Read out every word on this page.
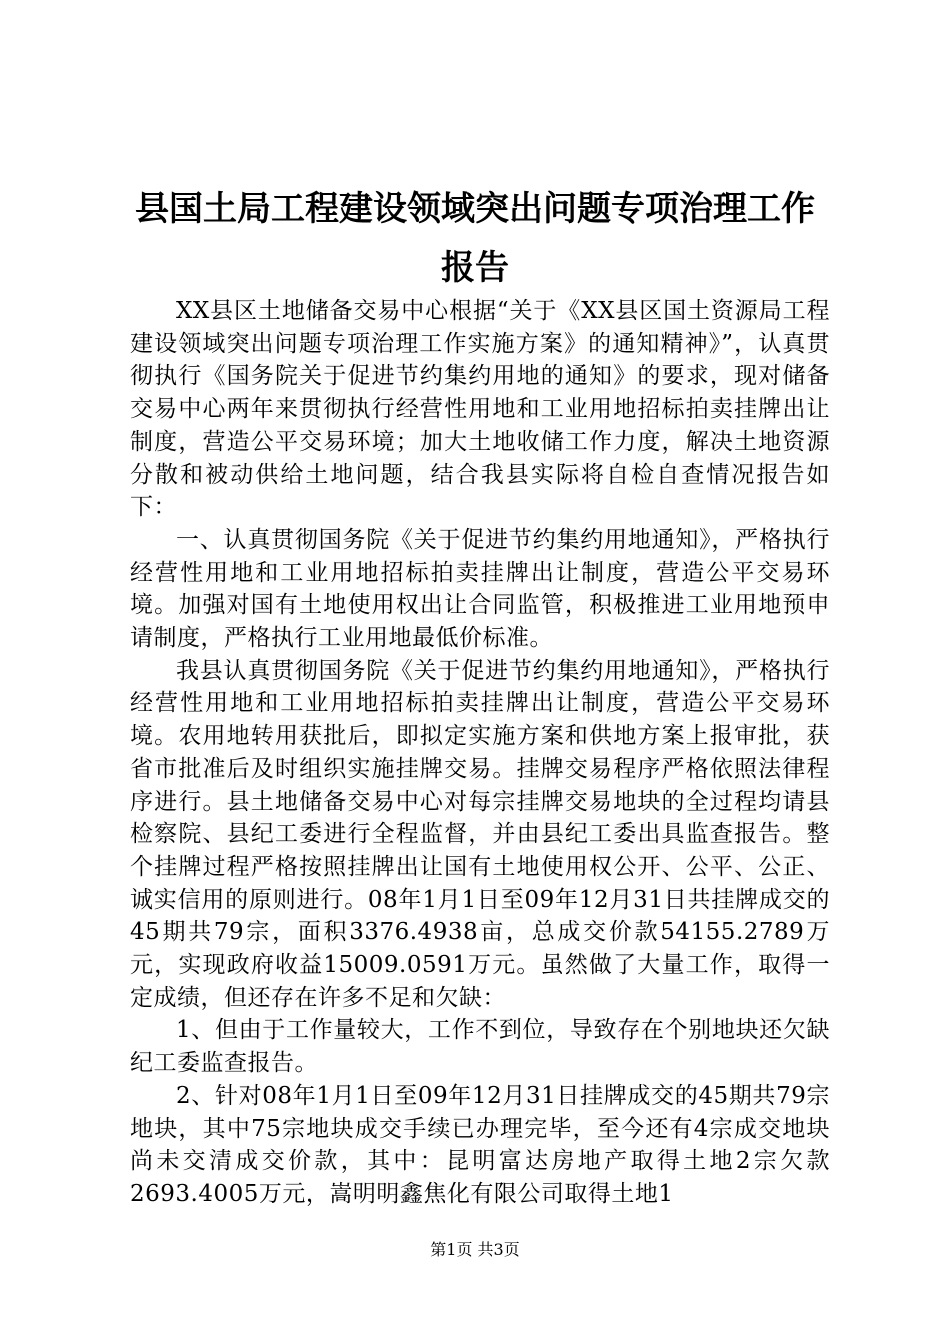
县国土局工程建设领域突出问题专项治理工作
报告

XX县区土地储备交易中心根据“关于《XX县区国土资源局工程建设领域突出问题专项治理工作实施方案》的通知精神》”，认真贯彻执行《国务院关于促进节约集约用地的通知》的要求，现对储备交易中心两年来贯彻执行经营性用地和工业用地招标拍卖挂牌出让制度，营造公平交易环境；加大土地收储工作力度，解决土地资源分散和被动供给土地问题，结合我县实际将自检自查情况报告如下：

一、认真贯彻国务院《关于促进节约集约用地通知》，严格执行经营性用地和工业用地招标拍卖挂牌出让制度，营造公平交易环境。加强对国有土地使用权出让合同监管，积极推进工业用地预申请制度，严格执行工业用地最低价标准。

我县认真贯彻国务院《关于促进节约集约用地通知》，严格执行经营性用地和工业用地招标拍卖挂牌出让制度，营造公平交易环境。农用地转用获批后，即拟定实施方案和供地方案上报审批，获省市批准后及时组织实施挂牌交易。挂牌交易程序严格依照法律程序进行。县土地储备交易中心对每宗挂牌交易地块的全过程均请县检察院、县纪工委进行全程监督，并由县纪工委出具监查报告。整个挂牌过程严格按照挂牌出让国有土地使用权公开、公平、公正、诚实信用的原则进行。08年1月1日至09年12月31日共挂牌成交的45期共79宗，面积3376.4938亩，总成交价款54155.2789万元，实现政府收益15009.0591万元。虽然做了大量工作，取得一定成绩，但还存在许多不足和欠缺：

1、但由于工作量较大，工作不到位，导致存在个别地块还欠缺纪工委监查报告。

2、针对08年1月1日至09年12月31日挂牌成交的45期共79宗地块，其中75宗地块成交手续已办理完毕，至今还有4宗成交地块尚未交清成交价款，其中：昆明富达房地产取得土地2宗欠款2693.4005万元，嵩明明鑫焦化有限公司取得土地1

第1页 共3页
